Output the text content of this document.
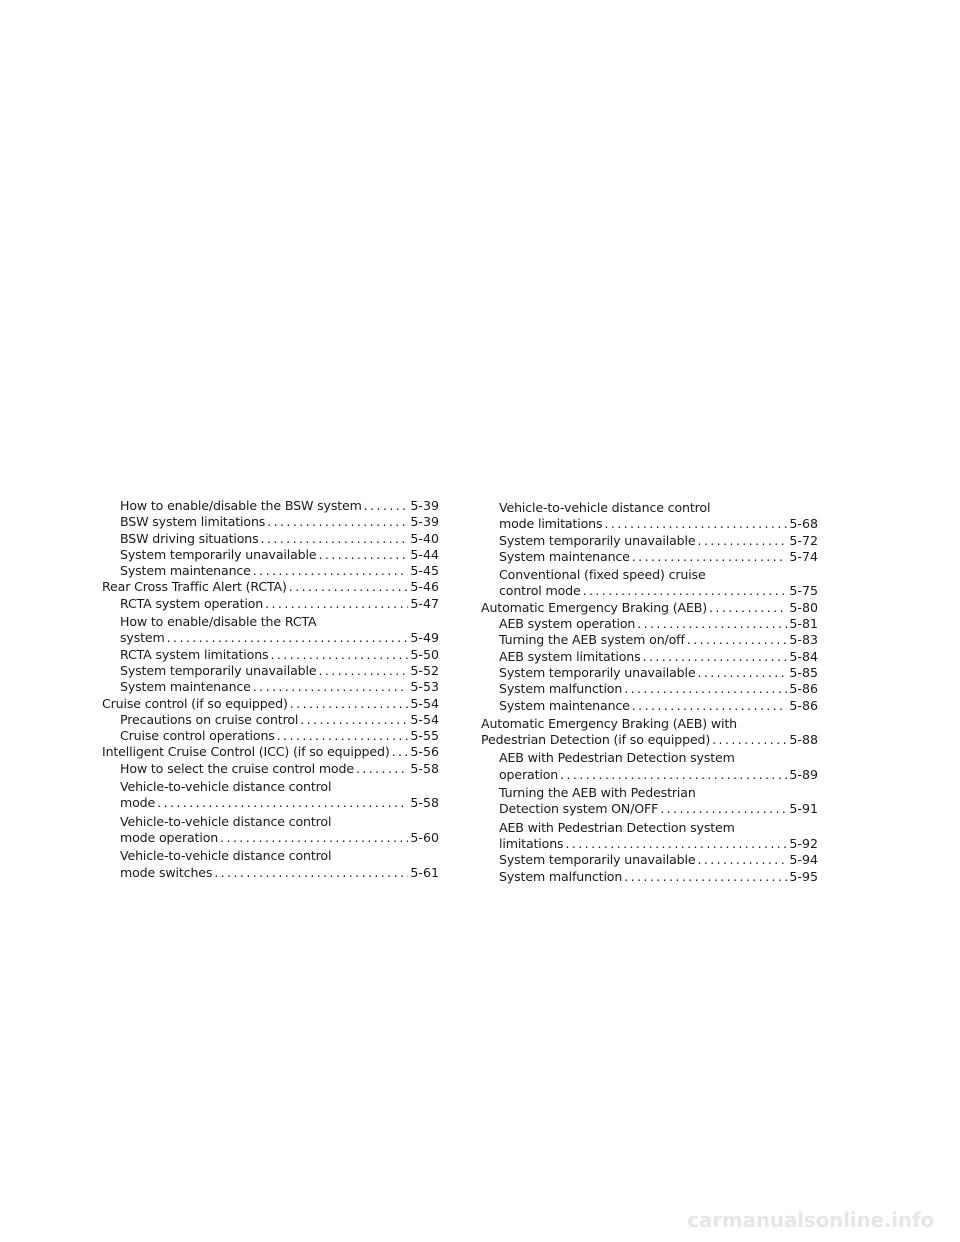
How to enable/disable the BSW system .....	5-39
BSW system limitations .....	5-39
BSW driving situations .....	5-40
System temporarily unavailable .....	5-44
System maintenance .....	5-45
Rear Cross Traffic Alert (RCTA) .....	5-46
RCTA system operation .....	5-47
How to enable/disable the RCTA
system .....	5-49
RCTA system limitations .....	5-50
System temporarily unavailable .....	5-52
System maintenance .....	5-53
Cruise control (if so equipped) .....	5-54
Precautions on cruise control .....	5-54
Cruise control operations .....	5-55
Intelligent Cruise Control (ICC) (if so equipped) ..... 5-56
How to select the cruise control mode .....	5-58
Vehicle-to-vehicle distance control
mode .....	5-58
Vehicle-to-vehicle distance control
mode operation .....	5-60
Vehicle-to-vehicle distance control
mode switches .....	5-61
Vehicle-to-vehicle distance control
mode limitations .....	5-68
System temporarily unavailable .....	5-72
System maintenance .....	5-74
Conventional (fixed speed) cruise
control mode .....	5-75
Automatic Emergency Braking (AEB) .....	5-80
AEB system operation .....	5-81
Turning the AEB system on/off .....	5-83
AEB system limitations .....	5-84
System temporarily unavailable .....	5-85
System malfunction .....	5-86
System maintenance .....	5-86
Automatic Emergency Braking (AEB) with
Pedestrian Detection (if so equipped) .....	5-88
AEB with Pedestrian Detection system
operation .....	5-89
Turning the AEB with Pedestrian
Detection system ON/OFF .....	5-91
AEB with Pedestrian Detection system
limitations .....	5-92
System temporarily unavailable .....	5-94
System malfunction .....	5-95
carmanualsonline.info
